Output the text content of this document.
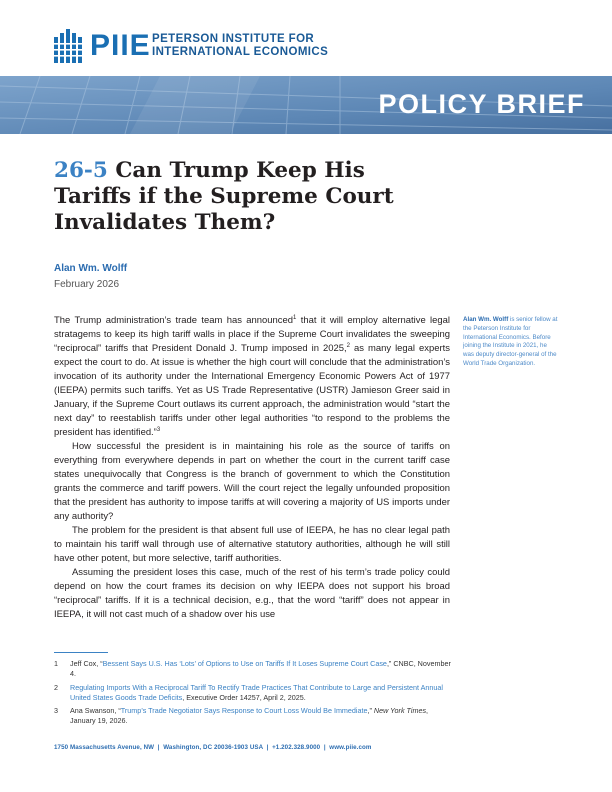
PIIE PETERSON INSTITUTE FOR
INTERNATIONAL ECONOMICS
POLICY BRIEF
26-5 Can Trump Keep His Tariffs if the Supreme Court Invalidates Them?
Alan Wm. Wolff
February 2026

The Trump administration’s trade team has announced$^1$ that it will employ alternative legal stratagems to keep its high tariff walls in place if the Supreme Court invalidates the sweeping “reciprocal” tariffs that President Donald J. Trump imposed in 2025,$^2$ as many legal experts expect the court to do. At issue is whether the high court will conclude that the administration’s invocation of its authority under the International Emergency Economic Powers Act of 1977 (IEEPA) permits such tariffs. Yet as US Trade Representative (USTR) Jamieson Greer said in January, if the Supreme Court outlaws its current approach, the administration would “start the next day” to reestablish tariffs under other legal authorities “to respond to the problems the president has identified.”$^3$

How successful the president is in maintaining his role as the source of tariffs on everything from everywhere depends in part on whether the court in the current tariff case states unequivocally that Congress is the branch of government to which the Constitution grants the commerce and tariff powers. Will the court reject the legally unfounded proposition that the president has authority to impose tariffs at will covering a majority of US imports under any authority?

The problem for the president is that absent full use of IEEPA, he has no clear legal path to maintain his tariff wall through use of alternative statutory authorities, although he will still have other potent, but more selective, tariff authorities.

Assuming the president loses this case, much of the rest of his term’s trade policy could depend on how the court frames its decision on why IEEPA does not support his broad “reciprocal” tariffs. If it is a technical decision, e.g., that the word “tariff” does not appear in IEEPA, it will not cast much of a shadow over his use

Alan Wm. Wolff is senior fellow at the Peterson Institute for International Economics. Before joining the Institute in 2021, he was deputy director-general of the World Trade Organization.
1 Jeff Cox, “Bessent Says U.S. Has ‘Lots’ of Options to Use on Tariffs If It Loses Supreme Court Case,” CNBC, November 4.
2 Regulating Imports With a Reciprocal Tariff To Rectify Trade Practices That Contribute to Large and Persistent Annual United States Goods Trade Deficits, Executive Order 14257, April 2, 2025.
3 Ana Swanson, “Trump’s Trade Negotiator Says Response to Court Loss Would Be Immediate,” New York Times, January 19, 2026.
1750 Massachusetts Avenue, NW  |  Washington, DC 20036-1903 USA  |  +1.202.328.9000  |  www.piie.com
